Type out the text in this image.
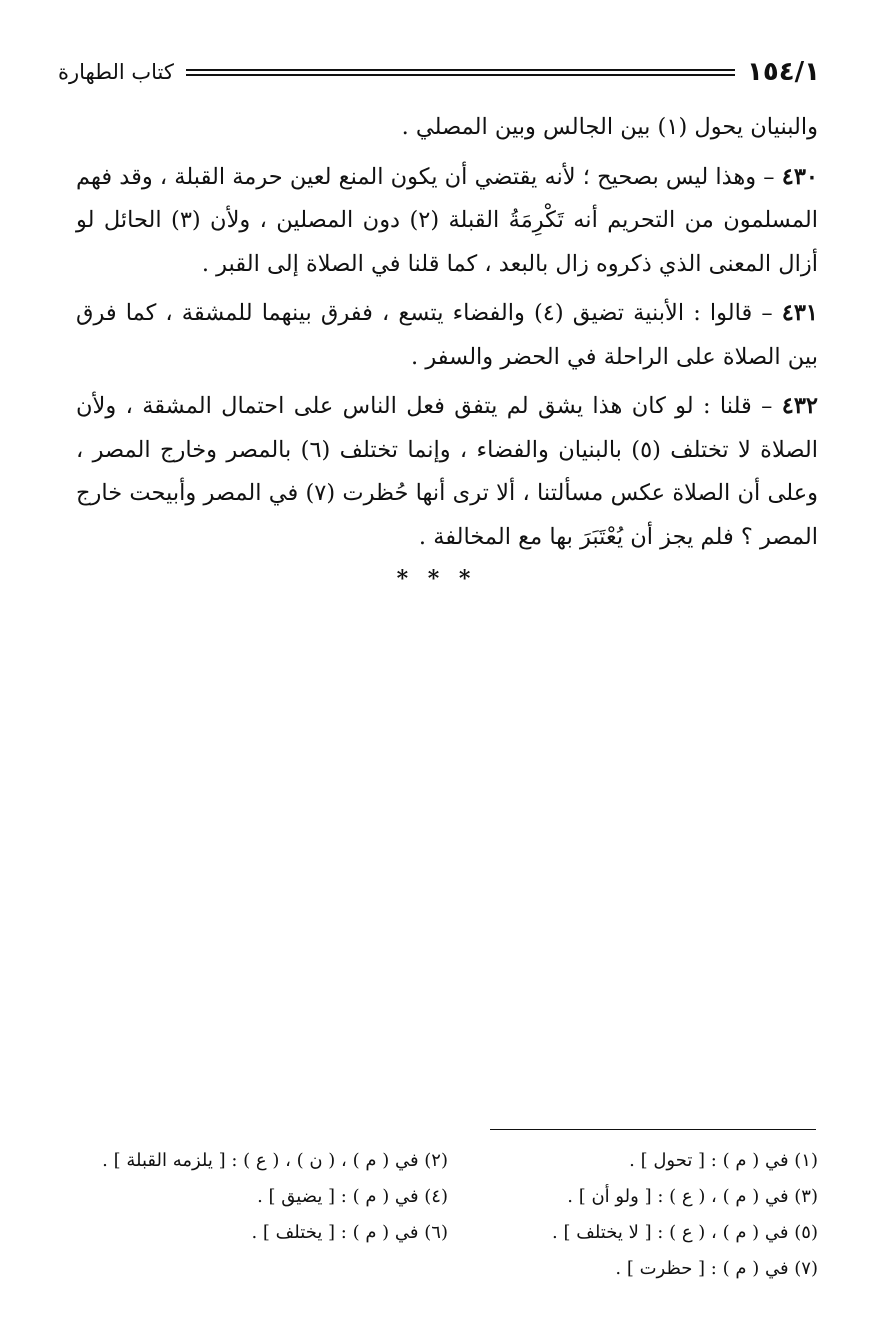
١٥٤/١
كتاب الطهارة

والبنيان يحول (١) بين الجالس وبين المصلي .

٤٣٠ – وهذا ليس بصحيح ؛ لأنه يقتضي أن يكون المنع لعين حرمة القبلة ، وقد فهم المسلمون من التحريم أنه تَكْرِمَةُ القبلة (٢) دون المصلين ، ولأن (٣) الحائل لو أزال المعنى الذي ذكروه زال بالبعد ، كما قلنا في الصلاة إلى القبر .

٤٣١ – قالوا : الأبنية تضيق (٤) والفضاء يتسع ، ففرق بينهما للمشقة ، كما فرق بين الصلاة على الراحلة في الحضر والسفر .

٤٣٢ – قلنا : لو كان هذا يشق لم يتفق فعل الناس على احتمال المشقة ، ولأن الصلاة لا تختلف (٥) بالبنيان والفضاء ، وإنما تختلف (٦) بالمصر وخارج المصر ، وعلى أن الصلاة عكس مسألتنا ، ألا ترى أنها حُظرت (٧) في المصر وأبيحت خارج المصر ؟ فلم يجز أن يُعْتَبَرَ بها مع المخالفة .

* * *
(١) في ( م ) : [ تحول ] .
(٢) في ( م ) ، ( ن ) ، ( ع ) : [ يلزمه القبلة ] .
(٣) في ( م ) ، ( ع ) : [ ولو أن ] .
(٤) في ( م ) : [ يضيق ] .
(٥) في ( م ) ، ( ع ) : [ لا يختلف ] .
(٦) في ( م ) : [ يختلف ] .
(٧) في ( م ) : [ حظرت ] .
